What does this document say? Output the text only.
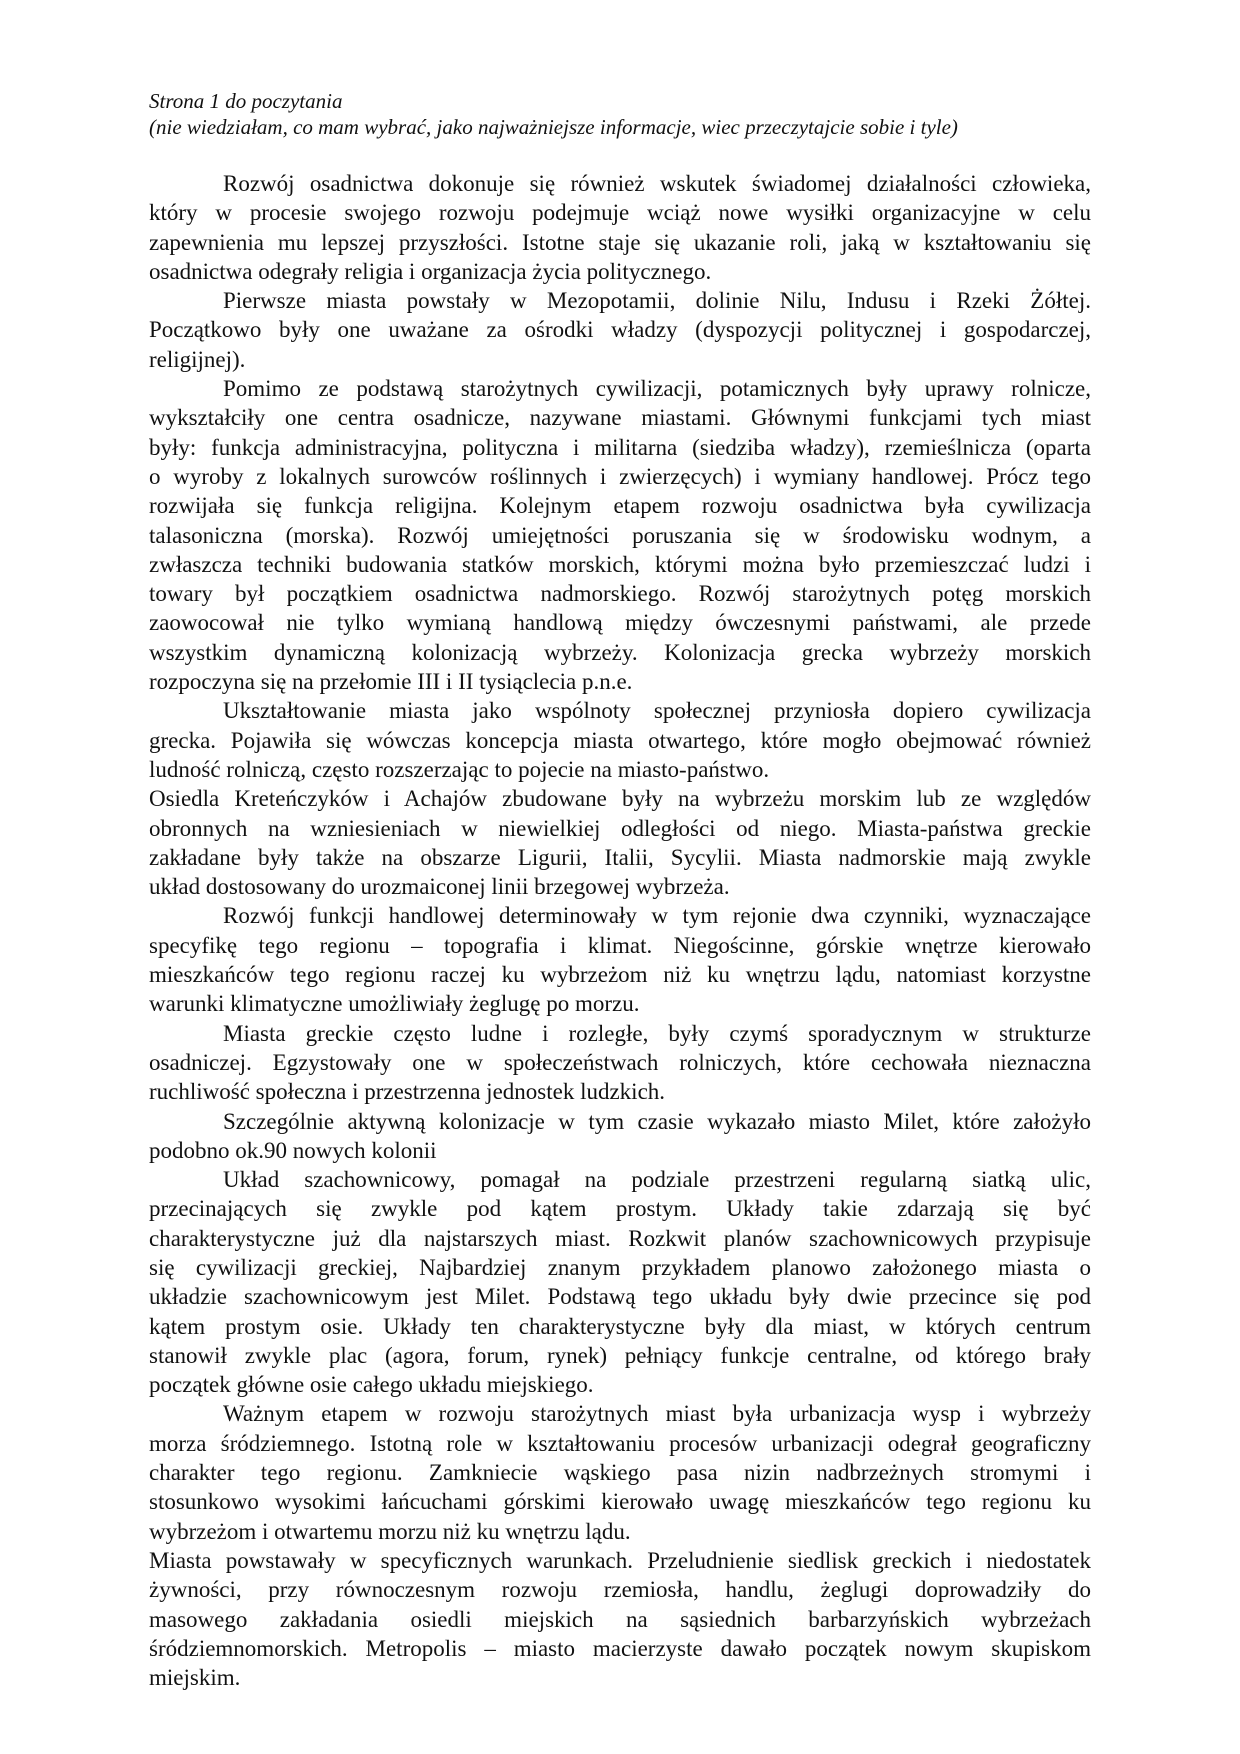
Strona 1 do poczytania
(nie wiedziałam, co mam wybrać, jako najważniejsze informacje, wiec przeczytajcie sobie i tyle)
Rozwój osadnictwa dokonuje się również wskutek świadomej działalności człowieka,
który w procesie swojego rozwoju podejmuje wciąż nowe wysiłki organizacyjne w celu
zapewnienia mu lepszej przyszłości. Istotne staje się ukazanie roli, jaką w kształtowaniu się
osadnictwa odegrały religia i organizacja życia politycznego.
Pierwsze miasta powstały w Mezopotamii, dolinie Nilu, Indusu i Rzeki Żółtej.
Początkowo były one uważane za ośrodki władzy (dyspozycji politycznej i gospodarczej,
religijnej).
Pomimo ze podstawą starożytnych cywilizacji, potamicznych były uprawy rolnicze,
wykształciły one centra osadnicze, nazywane miastami. Głównymi funkcjami tych miast
były: funkcja administracyjna, polityczna i militarna (siedziba władzy), rzemieślnicza (oparta
o wyroby z lokalnych surowców roślinnych i zwierzęcych) i wymiany handlowej. Prócz tego
rozwijała się funkcja religijna. Kolejnym etapem rozwoju osadnictwa była cywilizacja
talasoniczna (morska). Rozwój umiejętności poruszania się w środowisku wodnym, a
zwłaszcza techniki budowania statków morskich, którymi można było przemieszczać ludzi i
towary był początkiem osadnictwa nadmorskiego. Rozwój starożytnych potęg morskich
zaowocował nie tylko wymianą handlową między ówczesnymi państwami, ale przede
wszystkim dynamiczną kolonizacją wybrzeży. Kolonizacja grecka wybrzeży morskich
rozpoczyna się na przełomie III i II tysiąclecia p.n.e.
Ukształtowanie miasta jako wspólnoty społecznej przyniosła dopiero cywilizacja
grecka. Pojawiła się wówczas koncepcja miasta otwartego, które mogło obejmować również
ludność rolniczą, często rozszerzając to pojecie na miasto-państwo.
Osiedla Kreteńczyków i Achajów zbudowane były na wybrzeżu morskim lub ze względów
obronnych na wzniesieniach w niewielkiej odległości od niego. Miasta-państwa greckie
zakładane były także na obszarze Ligurii, Italii, Sycylii. Miasta nadmorskie mają zwykle
układ dostosowany do urozmaiconej linii brzegowej wybrzeża.
Rozwój funkcji handlowej determinowały w tym rejonie dwa czynniki, wyznaczające
specyfikę tego regionu – topografia i klimat. Niegościnne, górskie wnętrze kierowało
mieszkańców tego regionu raczej ku wybrzeżom niż ku wnętrzu lądu, natomiast korzystne
warunki klimatyczne umożliwiały żeglugę po morzu.
Miasta greckie często ludne i rozległe, były czymś sporadycznym w strukturze
osadniczej. Egzystowały one w społeczeństwach rolniczych, które cechowała nieznaczna
ruchliwość społeczna i przestrzenna jednostek ludzkich.
Szczególnie aktywną kolonizacje w tym czasie wykazało miasto Milet, które założyło
podobno ok.90 nowych kolonii
Układ szachownicowy, pomagał na podziale przestrzeni regularną siatką ulic,
przecinających się zwykle pod kątem prostym. Układy takie zdarzają się być
charakterystyczne już dla najstarszych miast. Rozkwit planów szachownicowych przypisuje
się cywilizacji greckiej, Najbardziej znanym przykładem planowo założonego miasta o
układzie szachownicowym jest Milet. Podstawą tego układu były dwie przecince się pod
kątem prostym osie. Układy ten charakterystyczne były dla miast, w których centrum
stanowił zwykle plac (agora, forum, rynek) pełniący funkcje centralne, od którego brały
początek główne osie całego układu miejskiego.
Ważnym etapem w rozwoju starożytnych miast była urbanizacja wysp i wybrzeży
morza śródziemnego. Istotną role w kształtowaniu procesów urbanizacji odegrał geograficzny
charakter tego regionu. Zamkniecie wąskiego pasa nizin nadbrzeżnych stromymi i
stosunkowo wysokimi łańcuchami górskimi kierowało uwagę mieszkańców tego regionu ku
wybrzeżom i otwartemu morzu niż ku wnętrzu lądu.
Miasta powstawały w specyficznych warunkach. Przeludnienie siedlisk greckich i niedostatek
żywności, przy równoczesnym rozwoju rzemiosła, handlu, żeglugi doprowadziły do
masowego zakładania osiedli miejskich na sąsiednich barbarzyńskich wybrzeżach
śródziemnomorskich. Metropolis – miasto macierzyste dawało początek nowym skupiskom
miejskim.
